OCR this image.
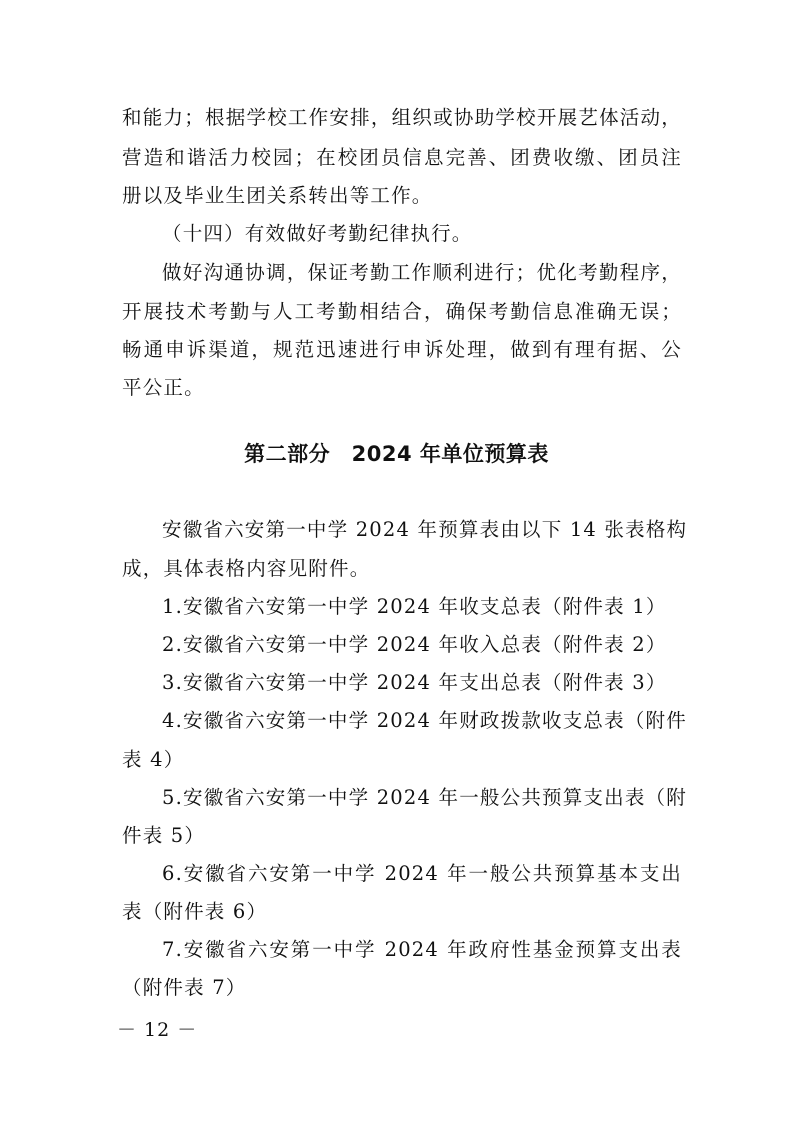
和能力；根据学校工作安排，组织或协助学校开展艺体活动，
营造和谐活力校园；在校团员信息完善、团费收缴、团员注
册以及毕业生团关系转出等工作。
（十四）有效做好考勤纪律执行。
做好沟通协调，保证考勤工作顺利进行；优化考勤程序，
开展技术考勤与人工考勤相结合，确保考勤信息准确无误；
畅通申诉渠道，规范迅速进行申诉处理，做到有理有据、公
平公正。
第二部分　2024 年单位预算表
安徽省六安第一中学 2024 年预算表由以下 14 张表格构
成，具体表格内容见附件。
1.安徽省六安第一中学 2024 年收支总表（附件表 1）
2.安徽省六安第一中学 2024 年收入总表（附件表 2）
3.安徽省六安第一中学 2024 年支出总表（附件表 3）
4.安徽省六安第一中学 2024 年财政拨款收支总表（附件
表 4）
5.安徽省六安第一中学 2024 年一般公共预算支出表（附
件表 5）
6.安徽省六安第一中学 2024 年一般公共预算基本支出
表（附件表 6）
7.安徽省六安第一中学 2024 年政府性基金预算支出表
（附件表 7）
－ 12 －
